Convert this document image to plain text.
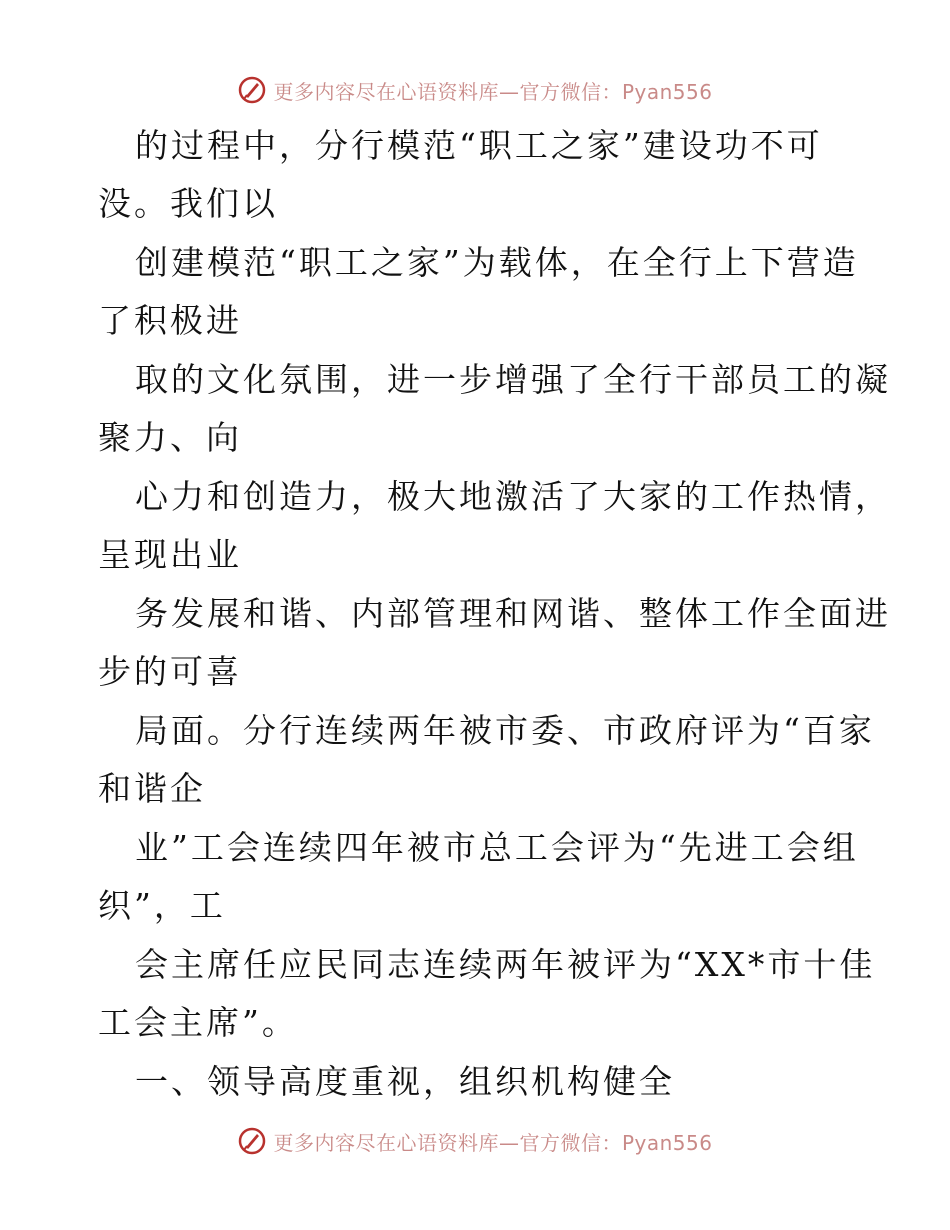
更多内容尽在心语资料库—官方微信：Pyan556
的过程中，分行模范“职工之家”建设功不可
没。我们以
创建模范“职工之家”为载体，在全行上下营造
了积极进
取的文化氛围，进一步增强了全行干部员工的凝
聚力、向
心力和创造力，极大地激活了大家的工作热情，
呈现出业
务发展和谐、内部管理和网谐、整体工作全面进
步的可喜
局面。分行连续两年被市委、市政府评为“百家
和谐企
业”工会连续四年被市总工会评为“先进工会组
织”，工
会主席任应民同志连续两年被评为“XX*市十佳
工会主席”。
一、领导高度重视，组织机构健全
更多内容尽在心语资料库—官方微信：Pyan556
